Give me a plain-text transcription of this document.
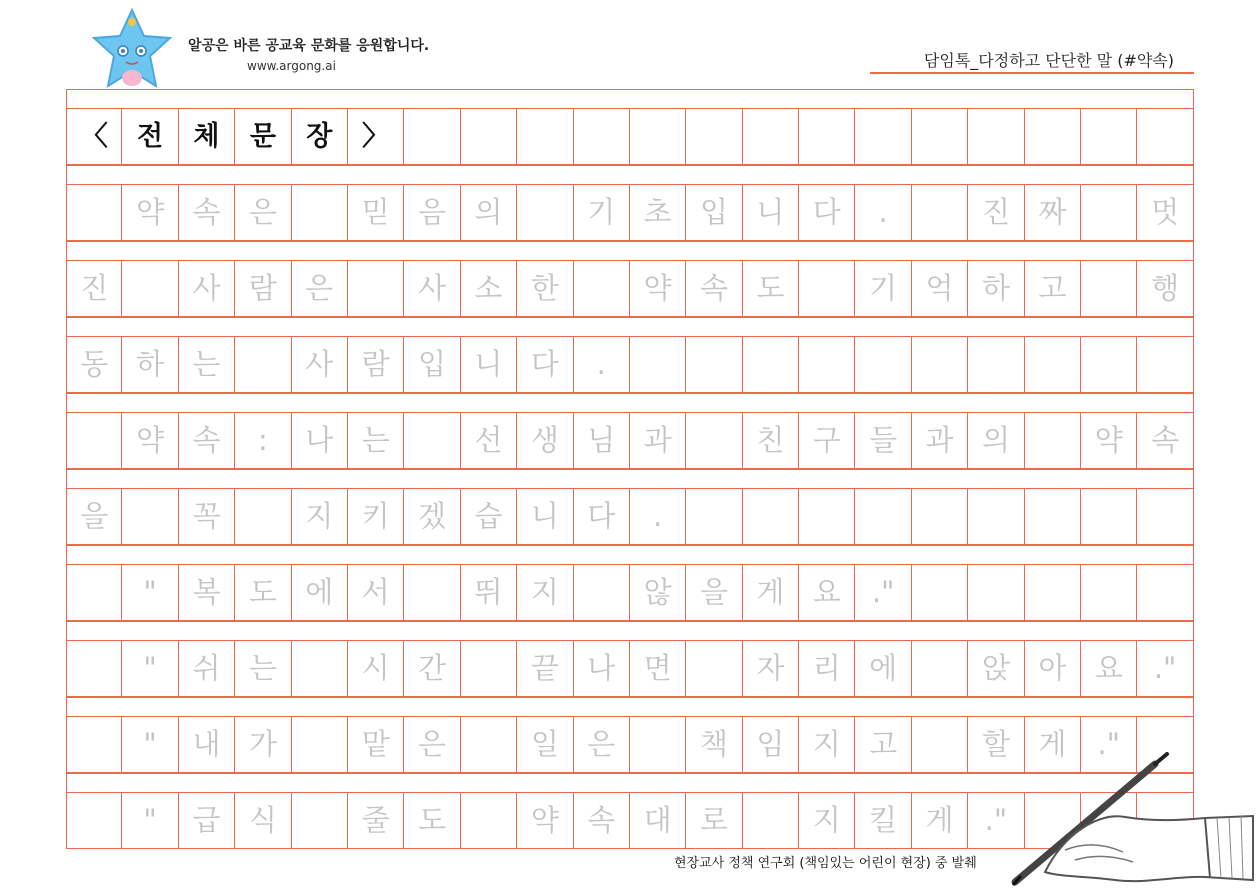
알공은 바른 공교육 문화를 응원합니다.
www.argong.ai	담임톡_다정하고 단단한 말 (#약속)
〈	전	체	문	장	〉
약 속 은	믿 음 의	기 초 입 니 다	.	진 짜	멋
진	사 람 은	사 소 한	약 속 도	기 억 하 고	행
동 하 는	사 람 입 니 다	.
약 속	:	나 는	선 생 님 과	친 구 들 과 의	약 속
을	꼭	지 키 겠 습 니 다	.
"	복 도 에 서	뛰 지	않 을 게 요	."
"	쉬 는	시 간	끝 나 면	자 리 에	앉 아 요	."
"	내 가	맡 은	일 은	책 임 지 고	할 게	."
"	급 식	줄 도	약 속 대 로	지 킬 게	."
현장교사 정책 연구회 (책임있는 어린이 현장) 중 발췌
